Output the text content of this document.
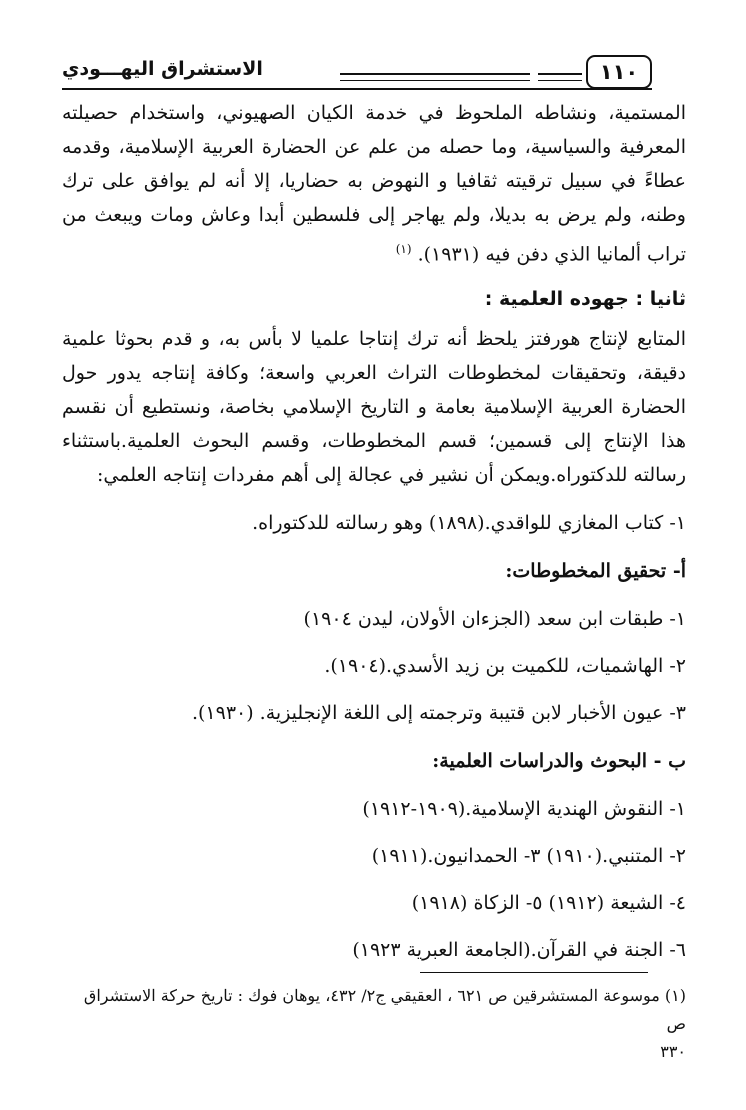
الاستشراق اليهـــودي	١١٠

المستمية، ونشاطه الملحوظ في خدمة الكيان الصهيوني، واستخدام حصيلته المعرفية والسياسية، وما حصله من علم عن الحضارة العربية الإسلامية، وقدمه عطاءً في سبيل ترقيته ثقافيا و النهوض به حضاريا، إلا أنه لم يوافق على ترك وطنه، ولم يرض به بديلا، ولم يهاجر إلى فلسطين أبدا وعاش ومات ويبعث من تراب ألمانيا الذي دفن فيه (١٩٣١). $^{(١)}$

ثانيا : جهوده العلمية :

المتابع لإنتاج هورفتز يلحظ أنه ترك إنتاجا علميا لا بأس به، و قدم بحوثا علمية دقيقة، وتحقيقات لمخطوطات التراث العربي واسعة؛ وكافة إنتاجه يدور حول الحضارة العربية الإسلامية بعامة و التاريخ الإسلامي بخاصة، ونستطيع أن نقسم هذا الإنتاج إلى قسمين؛ قسم المخطوطات، وقسم البحوث العلمية.باستثناء رسالته للدكتوراه.ويمكن أن نشير في عجالة إلى أهم مفردات إنتاجه العلمي:

١- كتاب المغازي للواقدي.(١٨٩٨) وهو رسالته للدكتوراه.
أ- تحقيق المخطوطات:
١- طبقات ابن سعد (الجزءان الأولان، ليدن ١٩٠٤)
٢- الهاشميات، للكميت بن زيد الأسدي.(١٩٠٤).
٣- عيون الأخبار لابن قتيبة وترجمته إلى اللغة الإنجليزية. (١٩٣٠).
ب - البحوث والدراسات العلمية:
١- النقوش الهندية الإسلامية.(١٩٠٩-١٩١٢)
٢- المتنبي.(١٩١٠) ٣- الحمدانيون.(١٩١١)
٤- الشيعة (١٩١٢) ٥- الزكاة (١٩١٨)
٦- الجنة في القرآن.(الجامعة العبرية ١٩٢٣)
(١) موسوعة المستشرقين ص ٦٢١ ، العقيقي ج٢/ ٤٣٢، يوهان فوك : تاريخ حركة الاستشراق ص
٣٣٠
